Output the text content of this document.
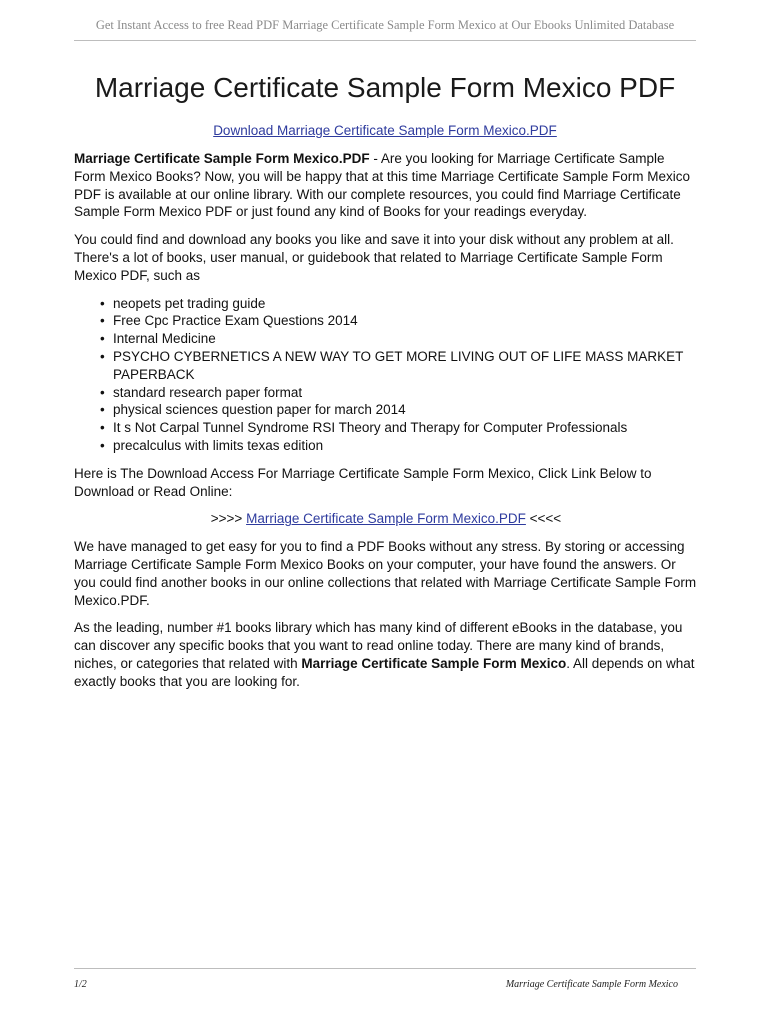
Get Instant Access to free Read PDF Marriage Certificate Sample Form Mexico at Our Ebooks Unlimited Database
Marriage Certificate Sample Form Mexico PDF
Download Marriage Certificate Sample Form Mexico.PDF

Marriage Certificate Sample Form Mexico.PDF - Are you looking for Marriage Certificate Sample Form Mexico Books? Now, you will be happy that at this time Marriage Certificate Sample Form Mexico PDF is available at our online library. With our complete resources, you could find Marriage Certificate Sample Form Mexico PDF or just found any kind of Books for your readings everyday.

You could find and download any books you like and save it into your disk without any problem at all. There's a lot of books, user manual, or guidebook that related to Marriage Certificate Sample Form Mexico PDF, such as

• neopets pet trading guide
• Free Cpc Practice Exam Questions 2014
• Internal Medicine
• PSYCHO CYBERNETICS A NEW WAY TO GET MORE LIVING OUT OF LIFE MASS MARKET PAPERBACK
• standard research paper format
• physical sciences question paper for march 2014
• It s Not Carpal Tunnel Syndrome RSI Theory and Therapy for Computer Professionals
• precalculus with limits texas edition

Here is The Download Access For Marriage Certificate Sample Form Mexico, Click Link Below to Download or Read Online:

>>>> Marriage Certificate Sample Form Mexico.PDF <<<<

We have managed to get easy for you to find a PDF Books without any stress. By storing or accessing Marriage Certificate Sample Form Mexico Books on your computer, your have found the answers. Or you could find another books in our online collections that related with Marriage Certificate Sample Form Mexico.PDF.

As the leading, number #1 books library which has many kind of different eBooks in the database, you can discover any specific books that you want to read online today. There are many kind of brands, niches, or categories that related with Marriage Certificate Sample Form Mexico. All depends on what exactly books that you are looking for.

1/2	Marriage Certificate Sample Form Mexico
